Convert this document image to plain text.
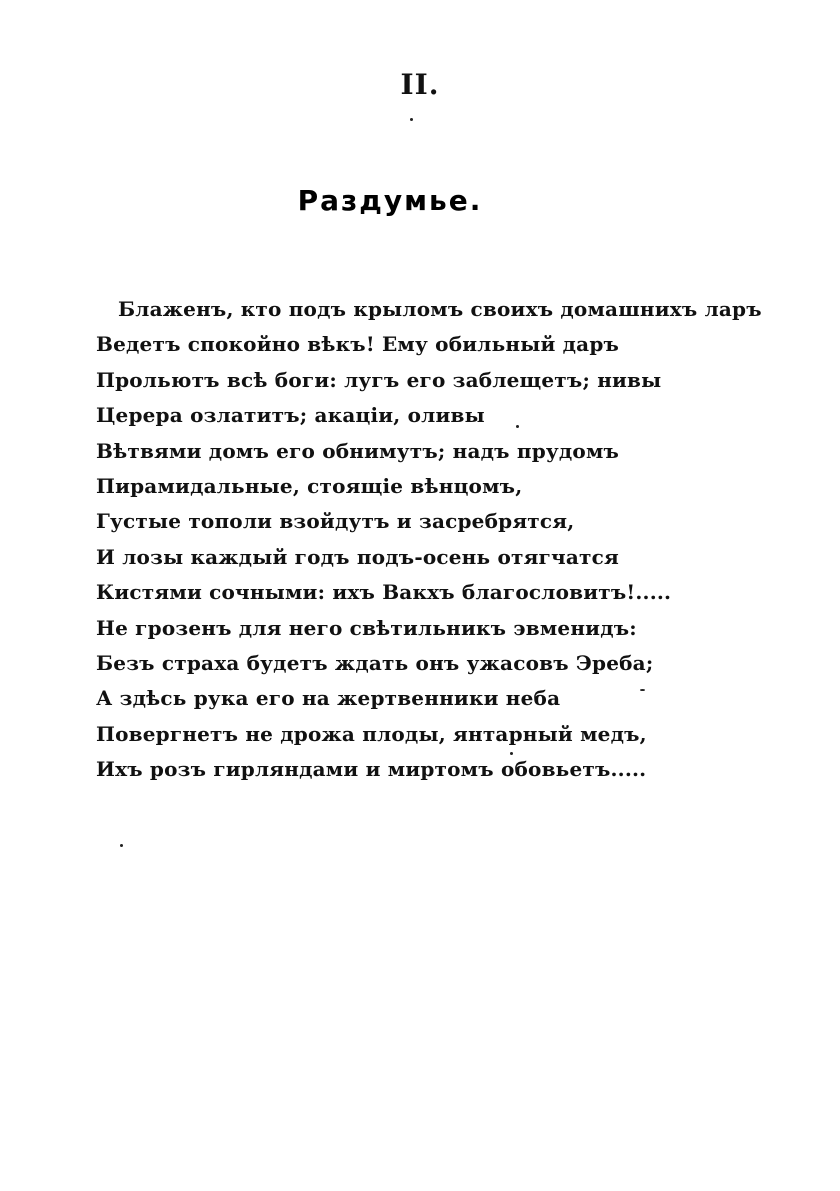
II.
Раздумье.
Блаженъ, кто подъ крыломъ своихъ домашнихъ ларъ
Ведетъ спокойно вѣкъ! Ему обильный даръ
Прольютъ всѣ боги: лугъ его заблещетъ; нивы
Церера озлатитъ; акаціи, оливы
Вѣтвями домъ его обнимутъ; надъ прудомъ
Пирамидальные, стоящіе вѣнцомъ,
Густые тополи взойдутъ и засребрятся,
И лозы каждый годъ подъ-осень отягчатся
Кистями сочными: ихъ Вакхъ благословитъ!.....
Не грозенъ для него свѣтильникъ эвменидъ:
Безъ страха будетъ ждать онъ ужасовъ Эреба;
А здѣсь рука его на жертвенники неба
Повергнетъ не дрожа плоды, янтарный медъ,
Ихъ розъ гирляндами и миртомъ обовьетъ.....
